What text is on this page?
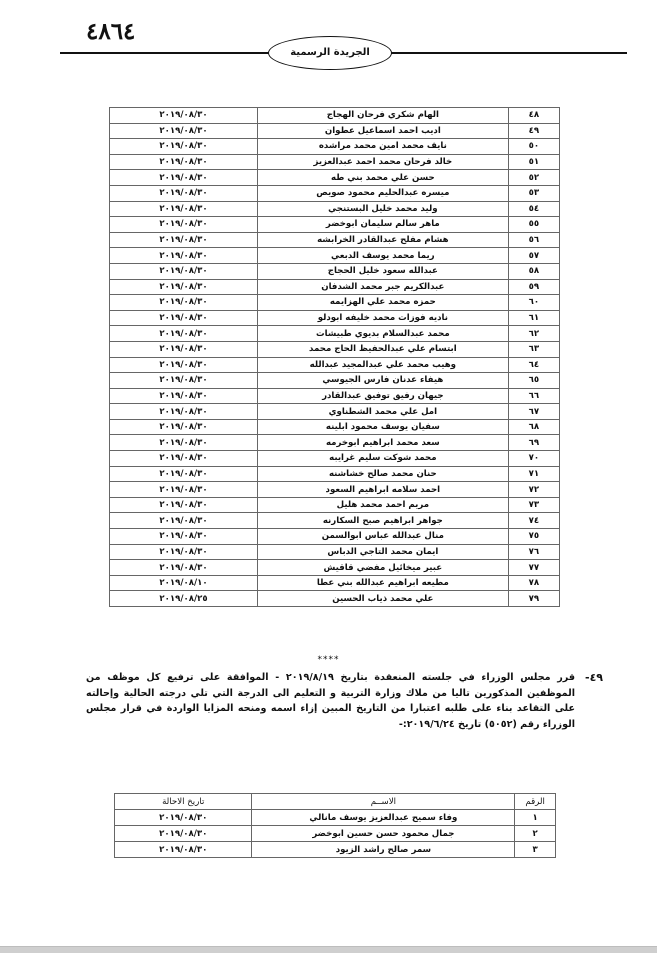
٤٨٦٤
الجريدة الرسمية
٤٨	الهام شكري فرحان الهجاج	٢٠١٩/٠٨/٣٠
٤٩	اديب احمد اسماعيل عطوان	٢٠١٩/٠٨/٣٠
٥٠	نايف محمد امين محمد مراشده	٢٠١٩/٠٨/٣٠
٥١	خالد فرحان محمد احمد عبدالعزيز	٢٠١٩/٠٨/٣٠
٥٢	حسن علي محمد بني طه	٢٠١٩/٠٨/٣٠
٥٣	ميسره عبدالحليم محمود صويص	٢٠١٩/٠٨/٣٠
٥٤	وليد محمد خليل البستنجي	٢٠١٩/٠٨/٣٠
٥٥	ماهر سالم سليمان ابوخضر	٢٠١٩/٠٨/٣٠
٥٦	هشام مفلح عبدالقادر الخرابشه	٢٠١٩/٠٨/٣٠
٥٧	ريما محمد يوسف الدبعي	٢٠١٩/٠٨/٣٠
٥٨	عبدالله سعود خليل الحجاج	٢٠١٩/٠٨/٣٠
٥٩	عبدالكريم جبر محمد الشدفان	٢٠١٩/٠٨/٣٠
٦٠	حمزه محمد علي الهزايمه	٢٠١٩/٠٨/٣٠
٦١	ناديه فوزات محمد خليفه ابودلو	٢٠١٩/٠٨/٣٠
٦٢	محمد عبدالسلام بديوي طبيشات	٢٠١٩/٠٨/٣٠
٦٣	ابتسام علي عبدالحفيظ الحاج محمد	٢٠١٩/٠٨/٣٠
٦٤	وهيب محمد علي عبدالمجيد عبدالله	٢٠١٩/٠٨/٣٠
٦٥	هيفاء عدنان فارس الجيوسي	٢٠١٩/٠٨/٣٠
٦٦	جيهان رفيق توفيق عبدالقادر	٢٠١٩/٠٨/٣٠
٦٧	امل علي محمد الشطناوي	٢٠١٩/٠٨/٣٠
٦٨	سفيان يوسف محمود ابلينه	٢٠١٩/٠٨/٣٠
٦٩	سعد محمد ابراهيم ابوخرمه	٢٠١٩/٠٨/٣٠
٧٠	محمد شوكت سليم غرايبه	٢٠١٩/٠٨/٣٠
٧١	حنان محمد صالح خشاشنه	٢٠١٩/٠٨/٣٠
٧٢	احمد سلامه ابراهيم السعود	٢٠١٩/٠٨/٣٠
٧٣	مريم احمد محمد هليل	٢٠١٩/٠٨/٣٠
٧٤	جواهر ابراهيم صبح السكارنه	٢٠١٩/٠٨/٣٠
٧٥	منال عبدالله عباس ابوالسمن	٢٠١٩/٠٨/٣٠
٧٦	ايمان محمد التاجي الدباس	٢٠١٩/٠٨/٣٠
٧٧	عبير ميخائيل مفضي قاقيش	٢٠١٩/٠٨/٣٠
٧٨	مطيعه ابراهيم عبدالله بني عطا	٢٠١٩/٠٨/١٠
٧٩	علي محمد ذياب الحسين	٢٠١٩/٠٨/٢٥
****
٤٩-
قرر مجلس الوزراء في جلسته المنعقدة بتاريخ ٢٠١٩/٨/١٩ - الموافقة على ترفيع كل موظف من الموظفين المذكورين تاليا من ملاك وزارة التربية و التعليم الى الدرجة التي تلي درجته الحالية وإحالته على التقاعد بناء على طلبه اعتبارا من التاريخ المبين إزاء اسمه ومنحه المزايا الواردة في قرار مجلس الوزراء رقم (٥٠٥٢) تاريخ ٢٠١٩/٦/٢٤:-
الرقم	الاســم	تاريخ الاحالة
١	وفاء سميح عبدالعزيز يوسف مانالي	٢٠١٩/٠٨/٣٠
٢	جمال محمود حسن حسين ابوخضر	٢٠١٩/٠٨/٣٠
٣	سمر صالح راشد الزيود	٢٠١٩/٠٨/٣٠
